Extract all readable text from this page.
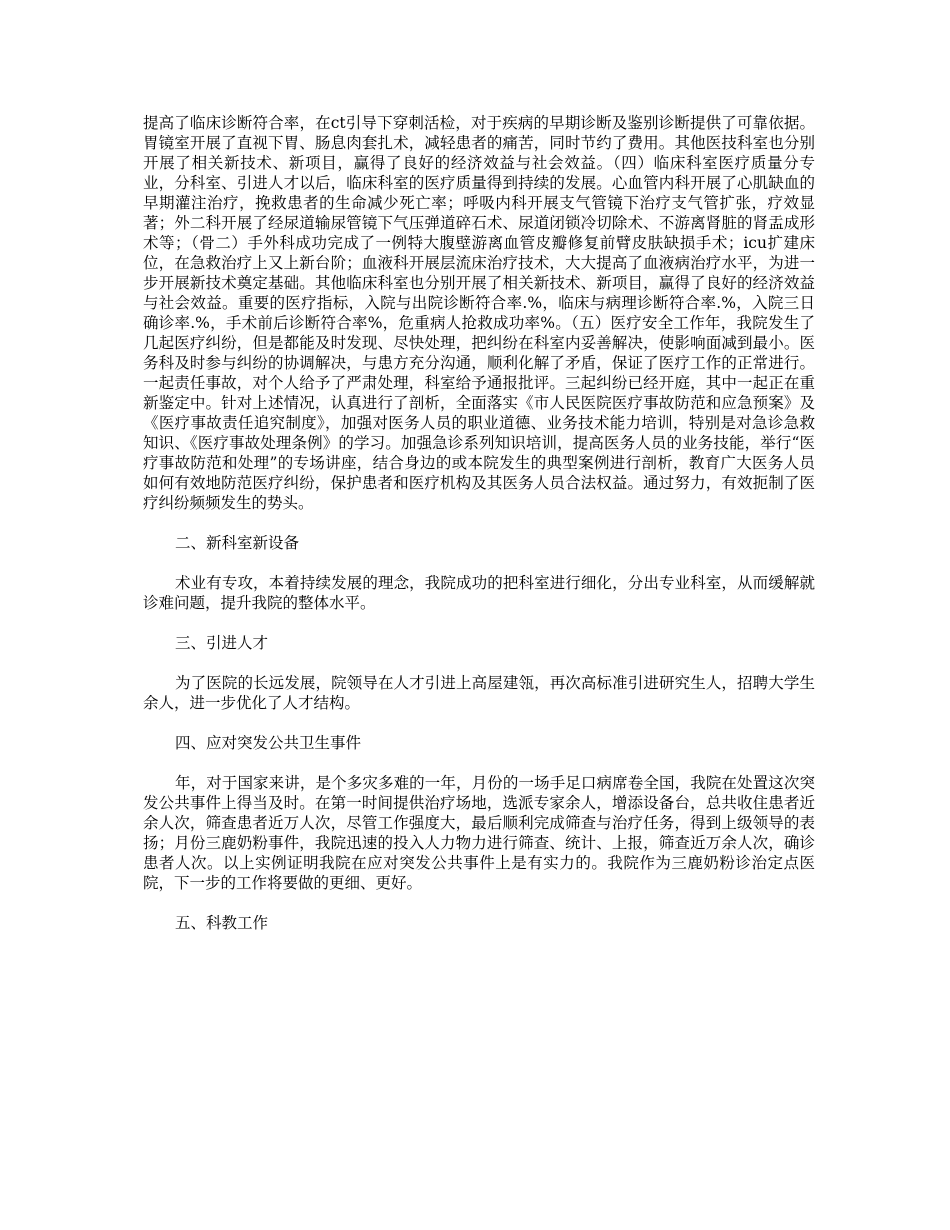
提高了临床诊断符合率，在ct引导下穿刺活检，对于疾病的早期诊断及鉴别诊断提供了可靠依据。胃镜室开展了直视下胃、肠息肉套扎术，减轻患者的痛苦，同时节约了费用。其他医技科室也分别开展了相关新技术、新项目，赢得了良好的经济效益与社会效益。（四）临床科室医疗质量分专业，分科室、引进人才以后，临床科室的医疗质量得到持续的发展。心血管内科开展了心肌缺血的早期灌注治疗，挽救患者的生命减少死亡率；呼吸内科开展支气管镜下治疗支气管扩张，疗效显著；外二科开展了经尿道输尿管镜下气压弹道碎石术、尿道闭锁冷切除术、不游离肾脏的肾盂成形术等；（骨二）手外科成功完成了一例特大腹壁游离血管皮瓣修复前臂皮肤缺损手术；icu扩建床位，在急救治疗上又上新台阶；血液科开展层流床治疗技术，大大提高了血液病治疗水平，为进一步开展新技术奠定基础。其他临床科室也分别开展了相关新技术、新项目，赢得了良好的经济效益与社会效益。重要的医疗指标，入院与出院诊断符合率.%，临床与病理诊断符合率.%，入院三日确诊率.%，手术前后诊断符合率%，危重病人抢救成功率%。（五）医疗安全工作年，我院发生了几起医疗纠纷，但是都能及时发现、尽快处理，把纠纷在科室内妥善解决，使影响面减到最小。医务科及时参与纠纷的协调解决，与患方充分沟通，顺利化解了矛盾，保证了医疗工作的正常进行。一起责任事故，对个人给予了严肃处理，科室给予通报批评。三起纠纷已经开庭，其中一起正在重新鉴定中。针对上述情况，认真进行了剖析，全面落实《市人民医院医疗事故防范和应急预案》及《医疗事故责任追究制度》，加强对医务人员的职业道德、业务技术能力培训，特别是对急诊急救知识、《医疗事故处理条例》的学习。加强急诊系列知识培训，提高医务人员的业务技能，举行“医疗事故防范和处理”的专场讲座，结合身边的或本院发生的典型案例进行剖析，教育广大医务人员如何有效地防范医疗纠纷，保护患者和医疗机构及其医务人员合法权益。通过努力，有效扼制了医疗纠纷频频发生的势头。

二、新科室新设备

术业有专攻，本着持续发展的理念，我院成功的把科室进行细化，分出专业科室，从而缓解就诊难问题，提升我院的整体水平。

三、引进人才

为了医院的长远发展，院领导在人才引进上高屋建瓴，再次高标准引进研究生人，招聘大学生余人，进一步优化了人才结构。

四、应对突发公共卫生事件

年，对于国家来讲，是个多灾多难的一年，月份的一场手足口病席卷全国，我院在处置这次突发公共事件上得当及时。在第一时间提供治疗场地，选派专家余人，增添设备台，总共收住患者近余人次，筛查患者近万人次，尽管工作强度大，最后顺利完成筛查与治疗任务，得到上级领导的表扬；月份三鹿奶粉事件，我院迅速的投入人力物力进行筛查、统计、上报，筛查近万余人次，确诊患者人次。以上实例证明我院在应对突发公共事件上是有实力的。我院作为三鹿奶粉诊治定点医院，下一步的工作将要做的更细、更好。

五、科教工作
